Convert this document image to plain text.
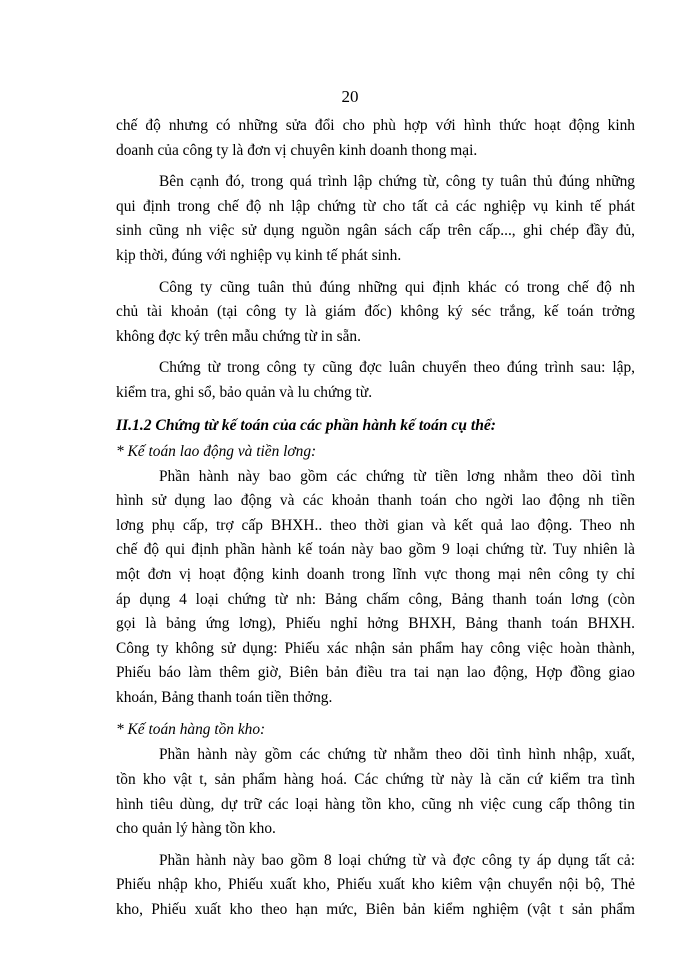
20
chế độ nhưng có những sửa đổi cho phù hợp với hình thức hoạt động kinh
doanh của công ty là đơn vị chuyên kinh doanh thong mại.
Bên cạnh đó, trong quá trình lập chứng từ, công ty tuân thủ đúng những
qui định trong chế độ nh lập chứng từ cho tất cả các nghiệp vụ kinh tế phát
sinh cũng nh việc sử dụng nguồn ngân sách cấp trên cấp..., ghi chép đầy đủ,
kịp thời, đúng với nghiệp vụ kinh tế phát sinh.
Công ty cũng tuân thủ đúng những qui định khác có trong chế độ nh
chủ tài khoản (tại công ty là giám đốc) không ký séc trắng, kế toán trởng
không đợc ký trên mẫu chứng từ in sẵn.
Chứng từ trong công ty cũng đợc luân chuyển theo đúng trình sau: lập,
kiểm tra, ghi sổ, bảo quản và lu chứng từ.
II.1.2 Chứng từ kế toán của các phần hành kế toán cụ thể:
* Kế toán lao động và tiền lơng:
Phần hành này bao gồm các chứng từ tiền lơng nhằm theo dõi tình
hình sử dụng lao động và các khoản thanh toán cho ngời lao động nh tiền
lơng phụ cấp, trợ cấp BHXH.. theo thời gian và kết quả lao động. Theo nh
chế độ qui định phần hành kế toán này bao gồm 9 loại chứng từ. Tuy nhiên là
một đơn vị hoạt động kinh doanh trong lĩnh vực thong mại nên công ty chỉ
áp dụng 4 loại chứng từ nh: Bảng chấm công, Bảng thanh toán lơng (còn
gọi là bảng ứng lơng), Phiếu nghỉ hởng BHXH, Bảng thanh toán BHXH.
Công ty không sử dụng: Phiếu xác nhận sản phẩm hay công việc hoàn thành,
Phiếu báo làm thêm giờ, Biên bản điều tra tai nạn lao động, Hợp đồng giao
khoán, Bảng thanh toán tiền thởng.
* Kế toán hàng tồn kho:
Phần hành này gồm các chứng từ nhằm theo dõi tình hình nhập, xuất,
tồn kho vật t, sản phẩm hàng hoá. Các chứng từ này là căn cứ kiểm tra tình
hình tiêu dùng, dự trữ các loại hàng tồn kho, cũng nh việc cung cấp thông tin
cho quản lý hàng tồn kho.
Phần hành này bao gồm 8 loại chứng từ và đợc công ty áp dụng tất cả:
Phiếu nhập kho, Phiếu xuất kho, Phiếu xuất kho kiêm vận chuyển nội bộ, Thẻ
kho, Phiếu xuất kho theo hạn mức, Biên bản kiểm nghiệm (vật t sản phẩm
